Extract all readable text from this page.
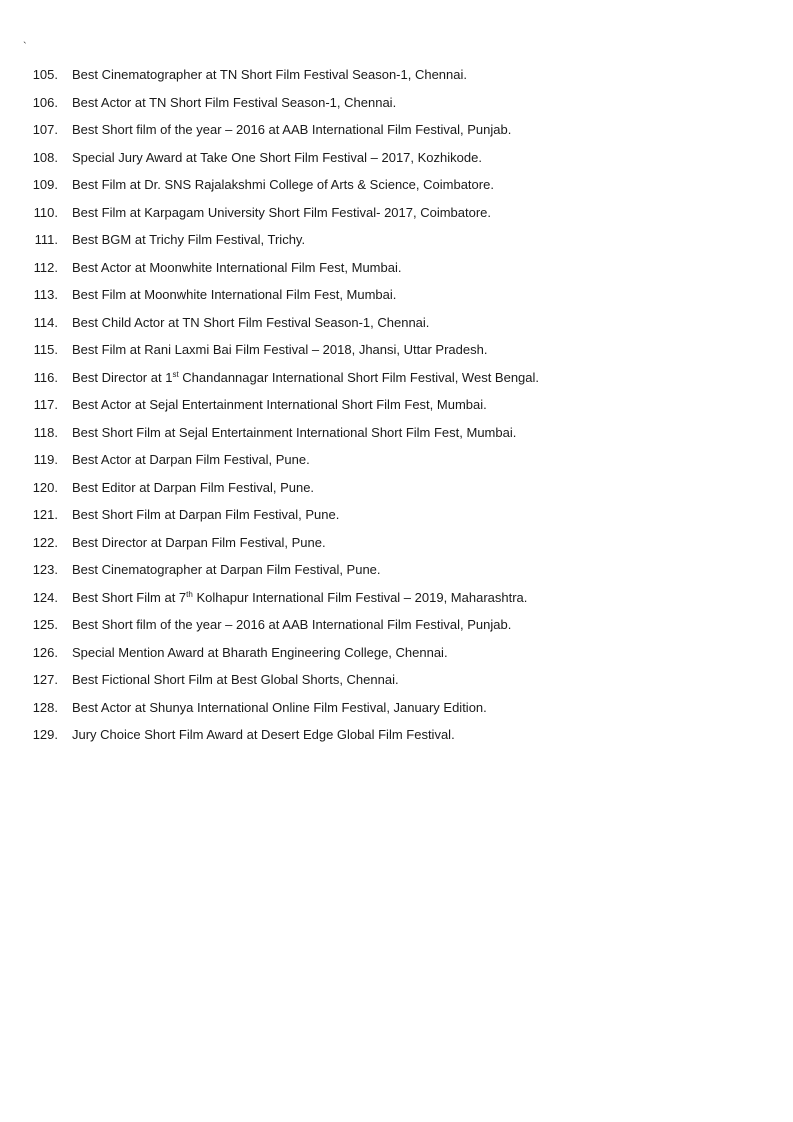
`
105. Best Cinematographer at TN Short Film Festival Season-1, Chennai.
106. Best Actor at TN Short Film Festival Season-1, Chennai.
107. Best Short film of the year – 2016 at AAB International Film Festival, Punjab.
108. Special Jury Award at Take One Short Film Festival – 2017, Kozhikode.
109. Best Film at Dr. SNS Rajalakshmi College of Arts & Science, Coimbatore.
110. Best Film at Karpagam University Short Film Festival- 2017, Coimbatore.
111. Best BGM at Trichy Film Festival, Trichy.
112. Best Actor at Moonwhite International Film Fest, Mumbai.
113. Best Film at Moonwhite International Film Fest, Mumbai.
114. Best Child Actor at TN Short Film Festival Season-1, Chennai.
115. Best Film at Rani Laxmi Bai Film Festival – 2018, Jhansi, Uttar Pradesh.
116. Best Director at 1st Chandannagar International Short Film Festival, West Bengal.
117. Best Actor at Sejal Entertainment International Short Film Fest, Mumbai.
118. Best Short Film at Sejal Entertainment International Short Film Fest, Mumbai.
119. Best Actor at Darpan Film Festival, Pune.
120. Best Editor at Darpan Film Festival, Pune.
121. Best Short Film at Darpan Film Festival, Pune.
122. Best Director at Darpan Film Festival, Pune.
123. Best Cinematographer at Darpan Film Festival, Pune.
124. Best Short Film at 7th Kolhapur International Film Festival – 2019, Maharashtra.
125. Best Short film of the year – 2016 at AAB International Film Festival, Punjab.
126. Special Mention Award at Bharath Engineering College, Chennai.
127. Best Fictional Short Film at Best Global Shorts, Chennai.
128. Best Actor at Shunya International Online Film Festival, January Edition.
129. Jury Choice Short Film Award at Desert Edge Global Film Festival.
